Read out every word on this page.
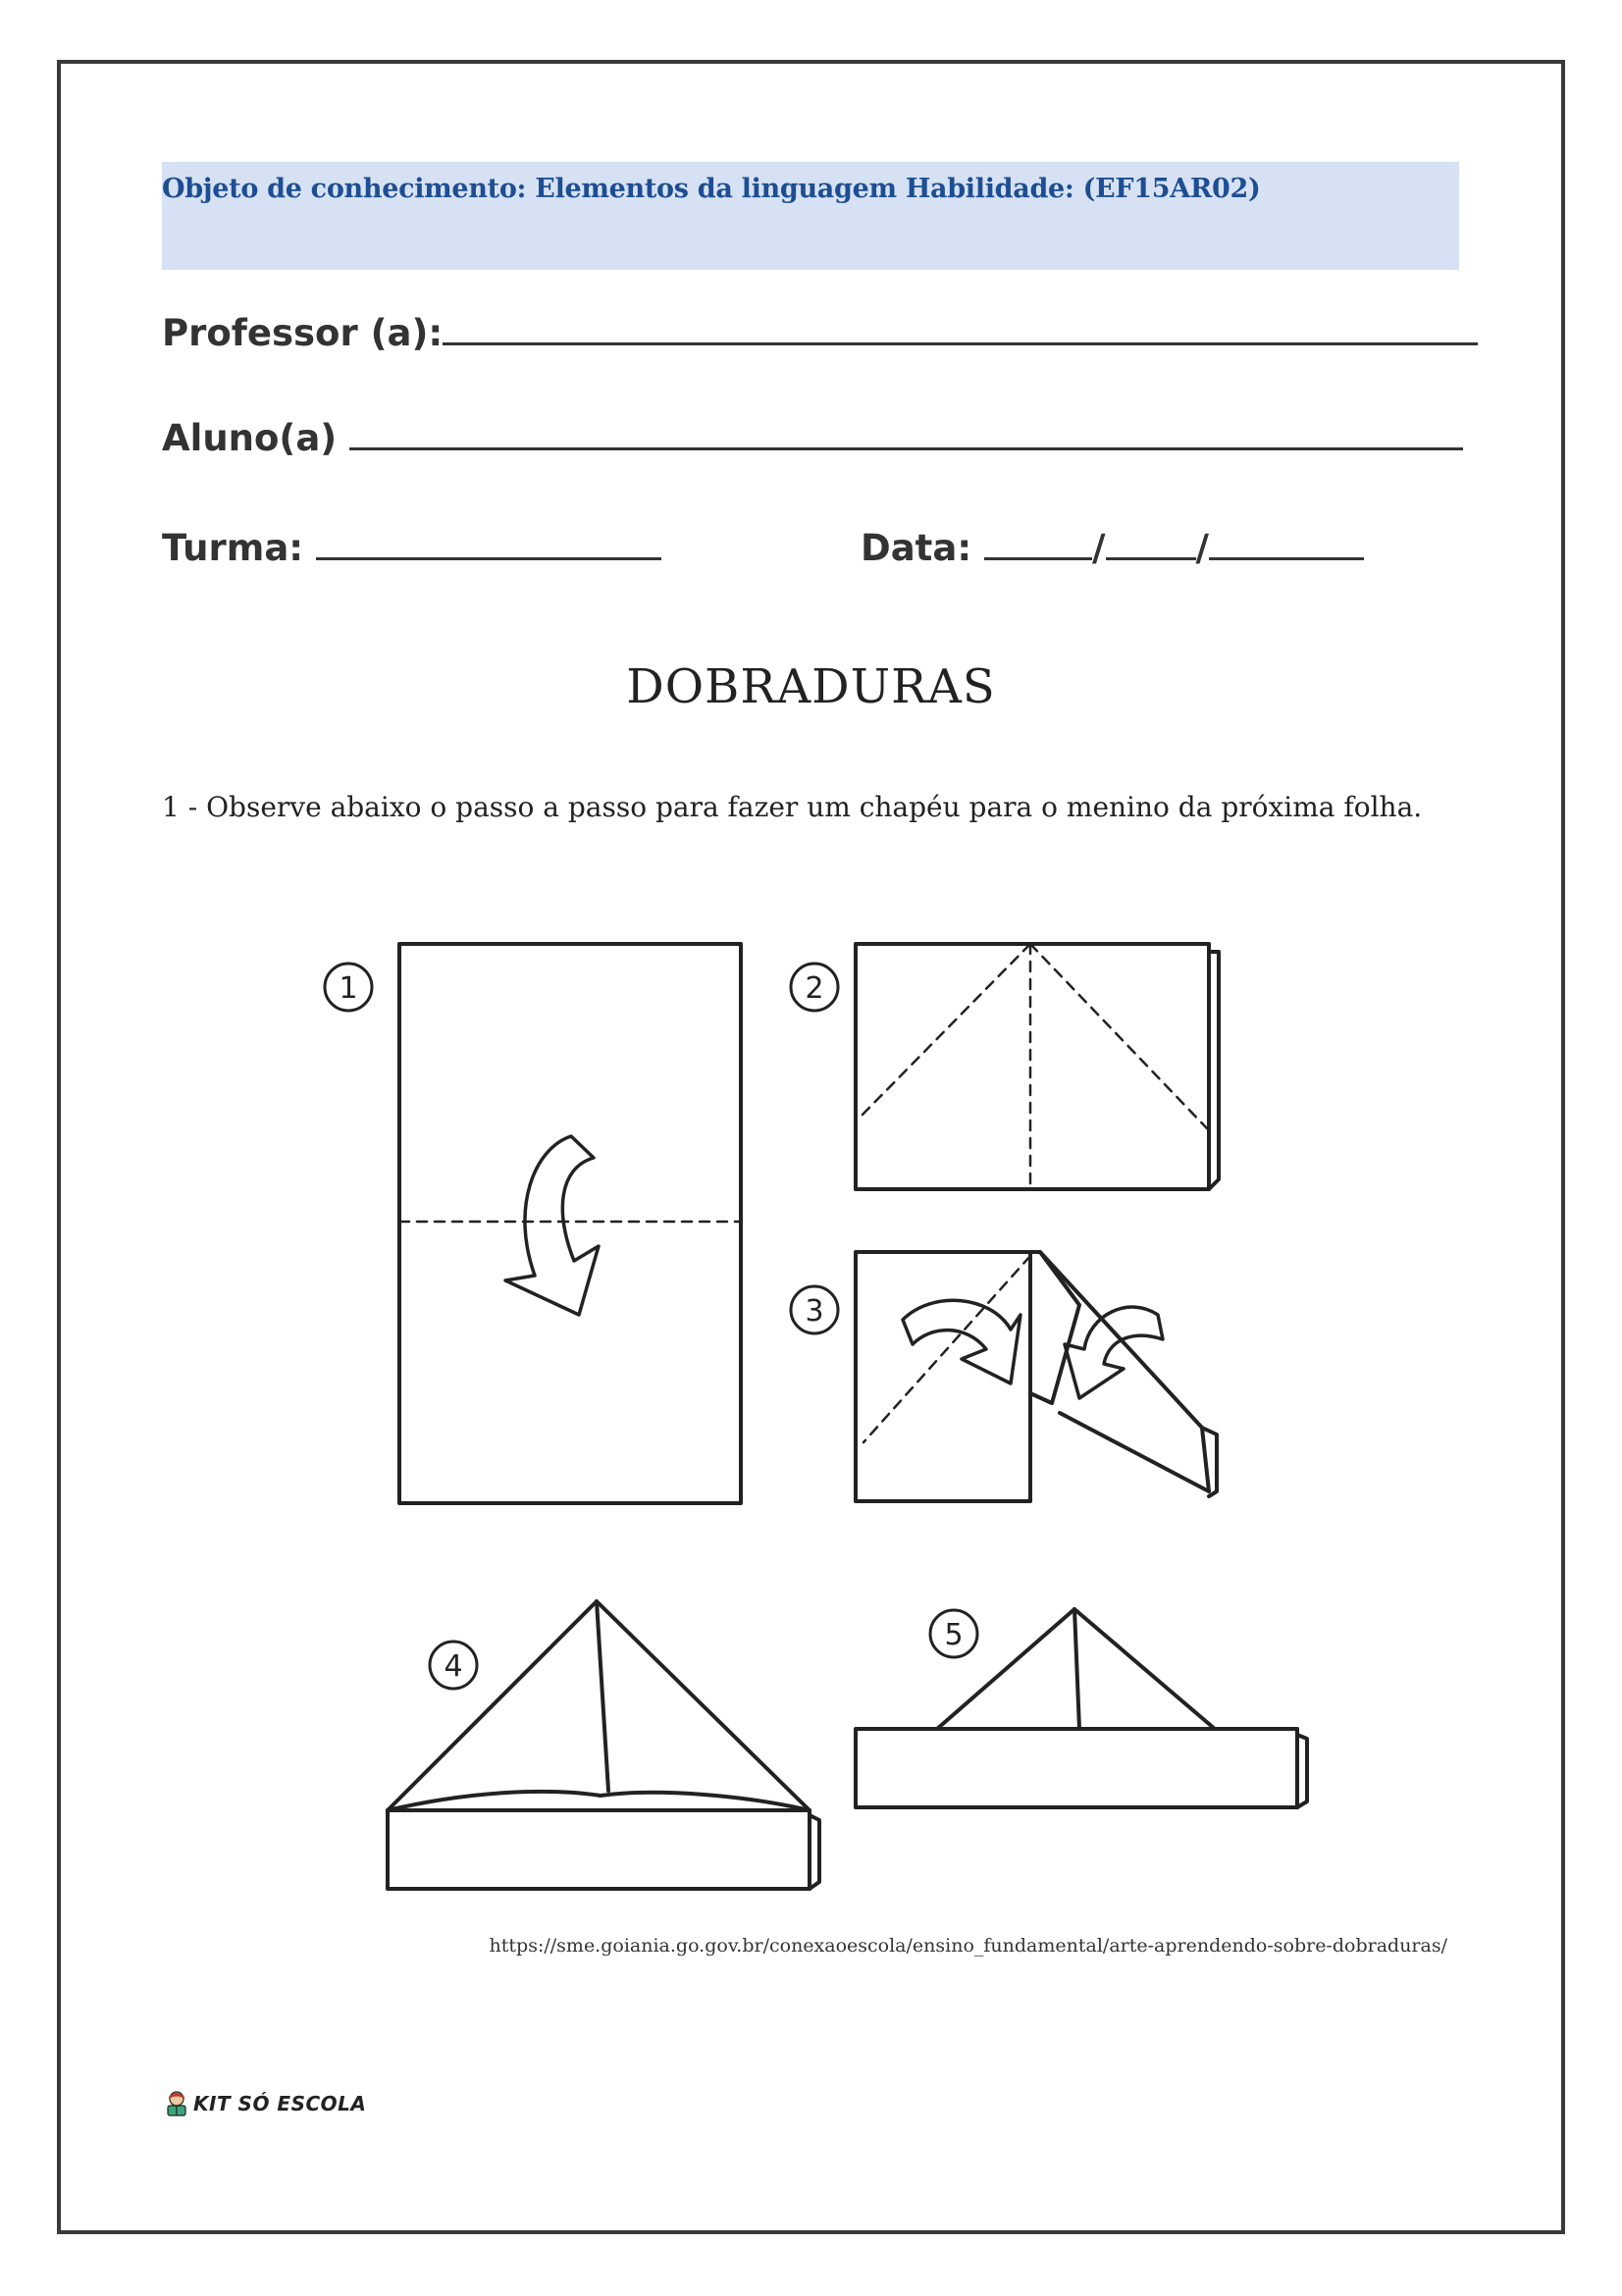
Objeto de conhecimento: Elementos da linguagem Habilidade: (EF15AR02)
Professor (a):
Aluno(a)
Turma:	Data:	/ /
DOBRADURAS
1 - Observe abaixo o passo a passo para fazer um chapéu para o menino da próxima folha.
1	2
3
4
5
https://sme.goiania.go.gov.br/conexaoescola/ensino_fundamental/arte-aprendendo-sobre-dobraduras/
KIT SÓ ESCOLA
